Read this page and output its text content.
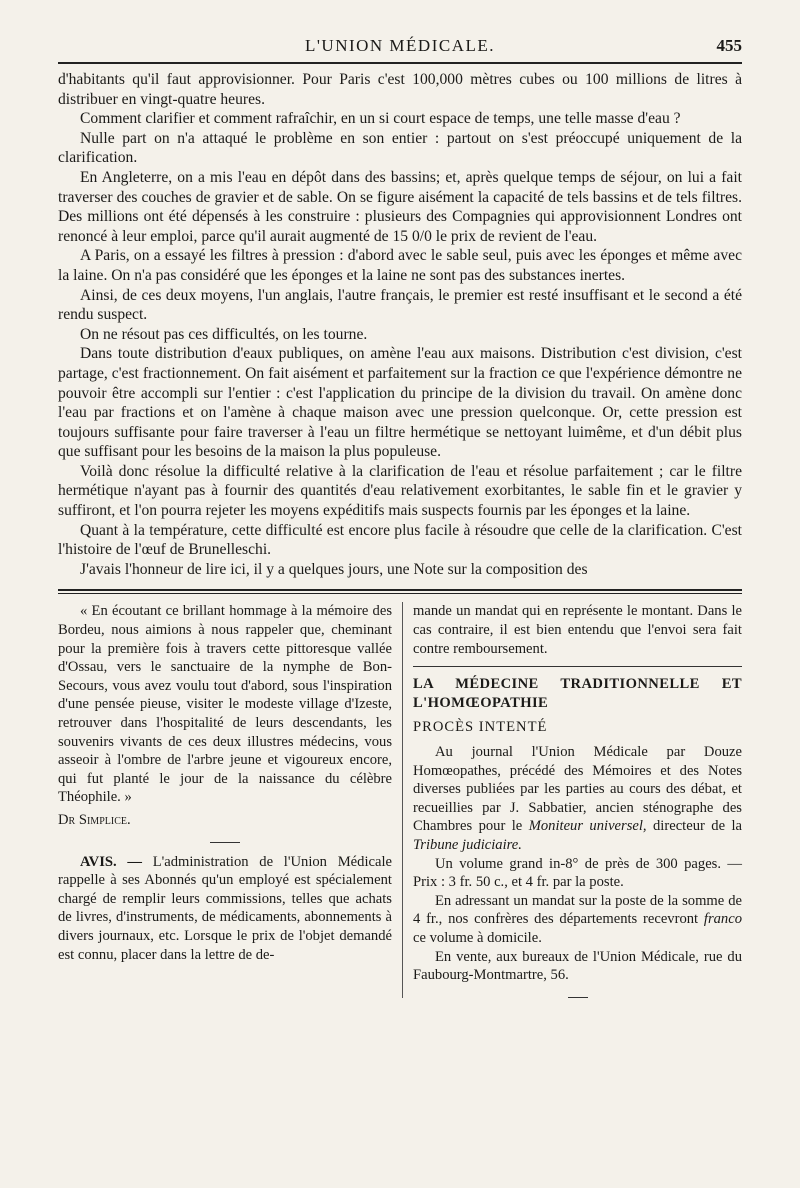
L'UNION MÉDICALE.	455

d'habitants qu'il faut approvisionner. Pour Paris c'est 100,000 mètres cubes ou 100 millions de litres à distribuer en vingt-quatre heures.

Comment clarifier et comment rafraîchir, en un si court espace de temps, une telle masse d'eau ?

Nulle part on n'a attaqué le problème en son entier : partout on s'est préoccupé uniquement de la clarification.

En Angleterre, on a mis l'eau en dépôt dans des bassins; et, après quelque temps de séjour, on lui a fait traverser des couches de gravier et de sable. On se figure aisément la capacité de tels bassins et de tels filtres. Des millions ont été dépensés à les construire : plusieurs des Compagnies qui approvisionnent Londres ont renoncé à leur emploi, parce qu'il aurait augmenté de 15 0/0 le prix de revient de l'eau.

A Paris, on a essayé les filtres à pression : d'abord avec le sable seul, puis avec les éponges et même avec la laine. On n'a pas considéré que les éponges et la laine ne sont pas des substances inertes.

Ainsi, de ces deux moyens, l'un anglais, l'autre français, le premier est resté insuffisant et le second a été rendu suspect.

On ne résout pas ces difficultés, on les tourne.

Dans toute distribution d'eaux publiques, on amène l'eau aux maisons. Distribution c'est division, c'est partage, c'est fractionnement. On fait aisément et parfaitement sur la fraction ce que l'expérience démontre ne pouvoir être accompli sur l'entier : c'est l'application du principe de la division du travail. On amène donc l'eau par fractions et on l'amène à chaque maison avec une pression quelconque. Or, cette pression est toujours suffisante pour faire traverser à l'eau un filtre hermétique se nettoyant luimême, et d'un débit plus que suffisant pour les besoins de la maison la plus populeuse.

Voilà donc résolue la difficulté relative à la clarification de l'eau et résolue parfaitement ; car le filtre hermétique n'ayant pas à fournir des quantités d'eau relativement exorbitantes, le sable fin et le gravier y suffiront, et l'on pourra rejeter les moyens expéditifs mais suspects fournis par les éponges et la laine.

Quant à la température, cette difficulté est encore plus facile à résoudre que celle de la clarification. C'est l'histoire de l'œuf de Brunelleschi.

J'avais l'honneur de lire ici, il y a quelques jours, une Note sur la composition des

« En écoutant ce brillant hommage à la mémoire des Bordeu, nous aimions à nous rappeler que, cheminant pour la première fois à travers cette pittoresque vallée d'Ossau, vers le sanctuaire de la nymphe de Bon-Secours, vous avez voulu tout d'abord, sous l'inspiration d'une pensée pieuse, visiter le modeste village d'Izeste, retrouver dans l'hospitalité de leurs descendants, les souvenirs vivants de ces deux illustres médecins, vous asseoir à l'ombre de l'arbre jeune et vigoureux encore, qui fut planté le jour de la naissance du célèbre Théophile. »

Dr Simplice.

AVIS. — L'administration de l'Union Médicale rappelle à ses Abonnés qu'un employé est spécialement chargé de remplir leurs commissions, telles que achats de livres, d'instruments, de médicaments, abonnements à divers journaux, etc. Lorsque le prix de l'objet demandé est connu, placer dans la lettre de de-

mande un mandat qui en représente le montant. Dans le cas contraire, il est bien entendu que l'envoi sera fait contre remboursement.

LA MÉDECINE TRADITIONNELLE ET L'HOMŒOPATHIE

PROCÈS INTENTÉ

Au journal l'Union Médicale par Douze Homœopathes, précédé des Mémoires et des Notes diverses publiées par les parties au cours des débat, et recueillies par J. Sabbatier, ancien sténographe des Chambres pour le Moniteur universel, directeur de la Tribune judiciaire.

Un volume grand in-8° de près de 300 pages. — Prix : 3 fr. 50 c., et 4 fr. par la poste.

En adressant un mandat sur la poste de la somme de 4 fr., nos confrères des départements recevront franco ce volume à domicile.

En vente, aux bureaux de l'Union Médicale, rue du Faubourg-Montmartre, 56.
